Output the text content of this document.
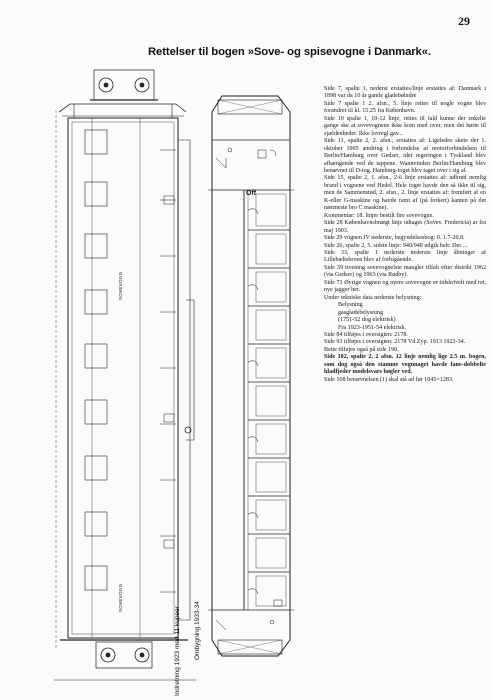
29
Rettelser til bogen »Sove- og spisevogne i Danmark«.
SOVEVOGN
SOVEVOGN
Off
Indretning 1923 med 11 kupeer Ombygning 1933-34

Side 7, spalte 1, nederst erstattes/linje erstattes af: Danmark i 1898 var da 10 år gamle gladebølndre

Side 7 spalte 1 2. afsn., 5. linje rettes til nogle vogne blev forandret til kl. 15.25 fra København.

Side 10 spalte 1, 10-12 linje, rettes til fald kunne der enkelte gange ske at sovevognene ikke kom med over, men det hørte til sjældenheder. Ikke lovregl gav...

Side 11, spalte 2, 2. afsn., erstattes af: Ligeledes skete der 1. oktober 1905 ændring i forbindelse af motorforbindelsen til Berlin/Hamburg over Gedser, idet regeringen i Tyskland blev afhængende ved de tappene. Wannvinden Berlin/Hamburg blev benævnet til D-tog. Hamburg-toget blev taget over i sig af.

Side 15, spalte 2, 1. afsn., 2-6 linje erstattes af: udbrød nemlig brand i vognene ved Hedel. Hele toget havde den så ikke til sig, men de Sammenstød, 2. afsn., 2. linje erstattes af: fremført af en K-eller G-maskine og havde ramt af (på forkert) kanten på det nærmeste bro C maskine).

Kommentar: 18. linjer bestilt fire sovevogne.

Side 28 Københavnsbnægt linje udtages (Sovev. Fredericia) ar fra maj 1903.

Side 29 vognen IV nederste, begyndelsesbog: 0. 1.7-20.8.

Side 26, spalte 2, 5. sidste linje: 940/948 udgik helt: Der ...

Side 33, spalte 1 nederste nederste linje åbninger af Lillebæltsbroen blev af forbigående.

Side 39 tivening sovevognelste mangler tilfalt efter distrikt 1962 (via Gedser) og 1963 (via Rødby).

Side 73 Øvrige vognen og nyere sovevogne er tidskrivelt med ret, nye jagger her.

Under tekniske data nederste belysning:

Belysning

gasgladebelysning

(1751-52 dog elektrisk)

Fra 1923-1951-54 elektrisk.

Side 84 tilføjes i oversigten: 2178.

Side 93 tilføjes i oversigten: 2178 Vd.Zyp. 1913 1923-34.

Bette tilføjes også på side 190.

Side 102, spalte 2, 2 afsn. 12 linje nemlig lige 2.5 m. bogen, som dog også den stamme vognnaget havde fane-dobbelte hladfjeder modelsvars bøgler ved.

Side 108 benævnelsen (1) skal stå ad før 1045=1283.
